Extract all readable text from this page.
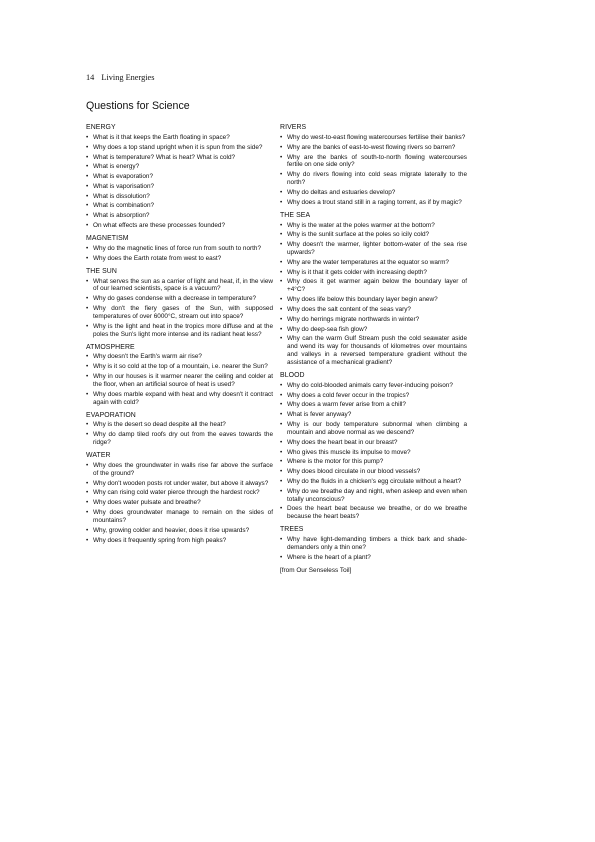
14 Living Energies
Questions for Science
ENERGY
• What is it that keeps the Earth floating in space?
• Why does a top stand upright when it is spun from the side?
• What is temperature? What is heat? What is cold?
• What is energy?
• What is evaporation?
• What is vaporisation?
• What is dissolution?
• What is combination?
• What is absorption?
• On what effects are these processes founded?
MAGNETISM
• Why do the magnetic lines of force run from south to north?
• Why does the Earth rotate from west to east?
THE SUN
• What serves the sun as a carrier of light and heat, if, in the view of our learned scientists, space is a vacuum?
• Why do gases condense with a decrease in temperature?
• Why don't the fiery gases of the Sun, with supposed temperatures of over 6000°C, stream out into space?
• Why is the light and heat in the tropics more diffuse and at the poles the Sun's light more intense and its radiant heat less?
ATMOSPHERE
• Why doesn't the Earth's warm air rise?
• Why is it so cold at the top of a mountain, i.e. nearer the Sun?
• Why in our houses is it warmer nearer the ceiling and colder at the floor, when an artificial source of heat is used?
• Why does marble expand with heat and why doesn't it contract again with cold?
EVAPORATION
• Why is the desert so dead despite all the heat?
• Why do damp tiled roofs dry out from the eaves towards the ridge?
WATER
• Why does the groundwater in walls rise far above the surface of the ground?
• Why don't wooden posts rot under water, but above it always?
• Why can rising cold water pierce through the hardest rock?
• Why does water pulsate and breathe?
• Why does groundwater manage to remain on the sides of mountains?
• Why, growing colder and heavier, does it rise upwards?
• Why does it frequently spring from high peaks?
RIVERS
• Why do west-to-east flowing watercourses fertilise their banks?
• Why are the banks of east-to-west flowing rivers so barren?
• Why are the banks of south-to-north flowing watercourses fertile on one side only?
• Why do rivers flowing into cold seas migrate laterally to the north?
• Why do deltas and estuaries develop?
• Why does a trout stand still in a raging torrent, as if by magic?
THE SEA
• Why is the water at the poles warmer at the bottom?
• Why is the sunlit surface at the poles so icily cold?
• Why doesn't the warmer, lighter bottom-water of the sea rise upwards?
• Why are the water temperatures at the equator so warm?
• Why is it that it gets colder with increasing depth?
• Why does it get warmer again below the boundary layer of +4°C?
• Why does life below this boundary layer begin anew?
• Why does the salt content of the seas vary?
• Why do herrings migrate northwards in winter?
• Why do deep-sea fish glow?
• Why can the warm Gulf Stream push the cold seawater aside and wend its way for thousands of kilometres over mountains and valleys in a reversed temperature gradient without the assistance of a mechanical gradient?
BLOOD
• Why do cold-blooded animals carry fever-inducing poison?
• Why does a cold fever occur in the tropics?
• Why does a warm fever arise from a chill?
• What is fever anyway?
• Why is our body temperature subnormal when climbing a mountain and above normal as we descend?
• Why does the heart beat in our breast?
• Who gives this muscle its impulse to move?
• Where is the motor for this pump?
• Why does blood circulate in our blood vessels?
• Why do the fluids in a chicken's egg circulate without a heart?
• Why do we breathe day and night, when asleep and even when totally unconscious?
• Does the heart beat because we breathe, or do we breathe because the heart beats?
TREES
• Why have light-demanding timbers a thick bark and shade-demanders only a thin one?
• Where is the heart of a plant?
[from Our Senseless Toil]
